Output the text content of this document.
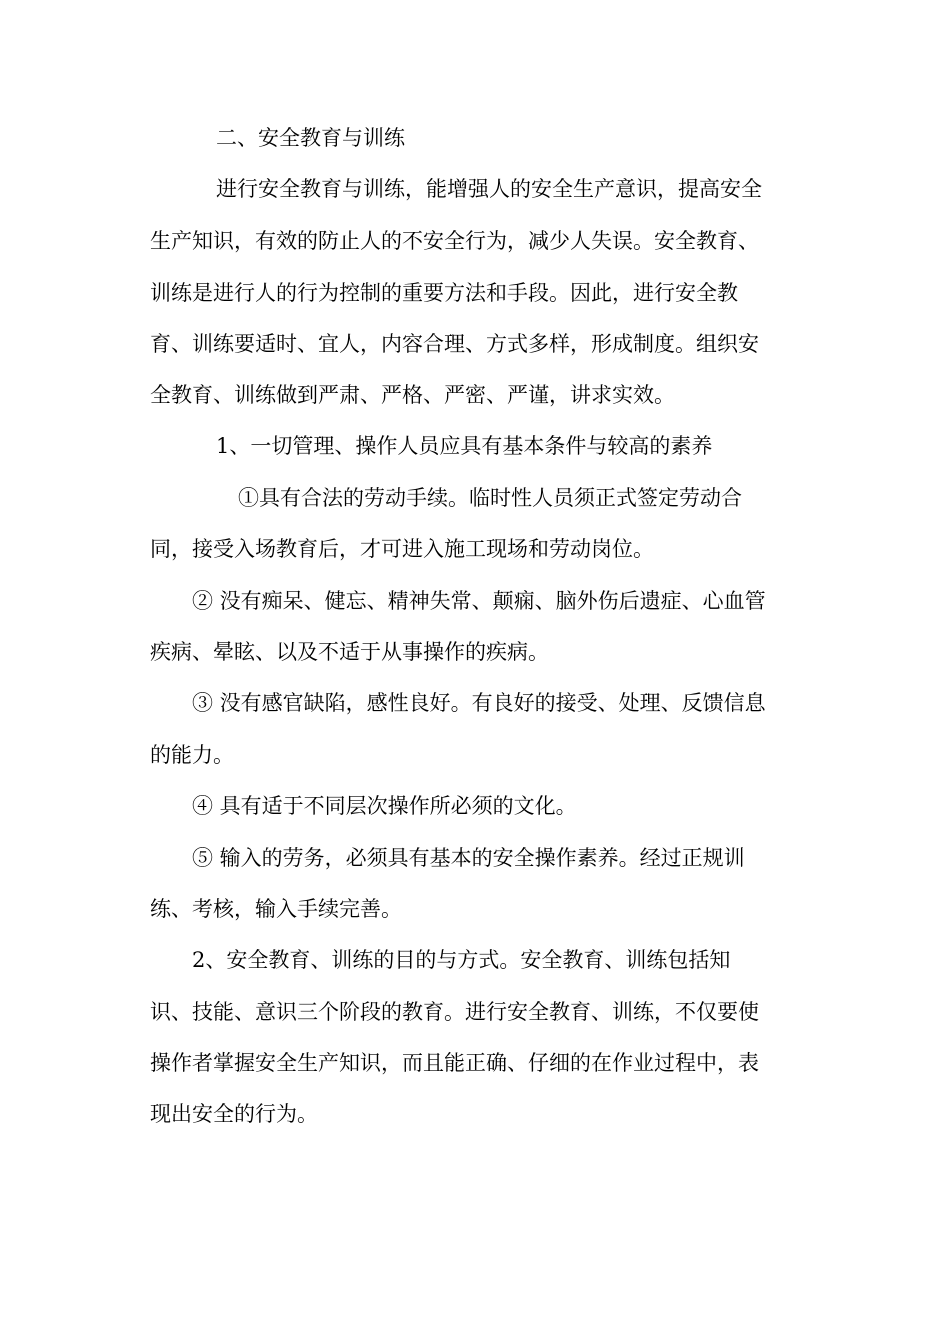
二、安全教育与训练
进行安全教育与训练，能增强人的安全生产意识，提高安全
生产知识，有效的防止人的不安全行为，减少人失误。安全教育、
训练是进行人的行为控制的重要方法和手段。因此，进行安全教
育、训练要适时、宜人，内容合理、方式多样，形成制度。组织安
全教育、训练做到严肃、严格、严密、严谨，讲求实效。
1、一切管理、操作人员应具有基本条件与较高的素养
①具有合法的劳动手续。临时性人员须正式签定劳动合
同，接受入场教育后，才可进入施工现场和劳动岗位。
② 没有痴呆、健忘、精神失常、颠痫、脑外伤后遗症、心血管
疾病、晕眩、以及不适于从事操作的疾病。
③ 没有感官缺陷，感性良好。有良好的接受、处理、反馈信息
的能力。
④ 具有适于不同层次操作所必须的文化。
⑤ 输入的劳务，必须具有基本的安全操作素养。经过正规训
练、考核，输入手续完善。
2、安全教育、训练的目的与方式。安全教育、训练包括知
识、技能、意识三个阶段的教育。进行安全教育、训练，不仅要使
操作者掌握安全生产知识，而且能正确、仔细的在作业过程中，表
现出安全的行为。
